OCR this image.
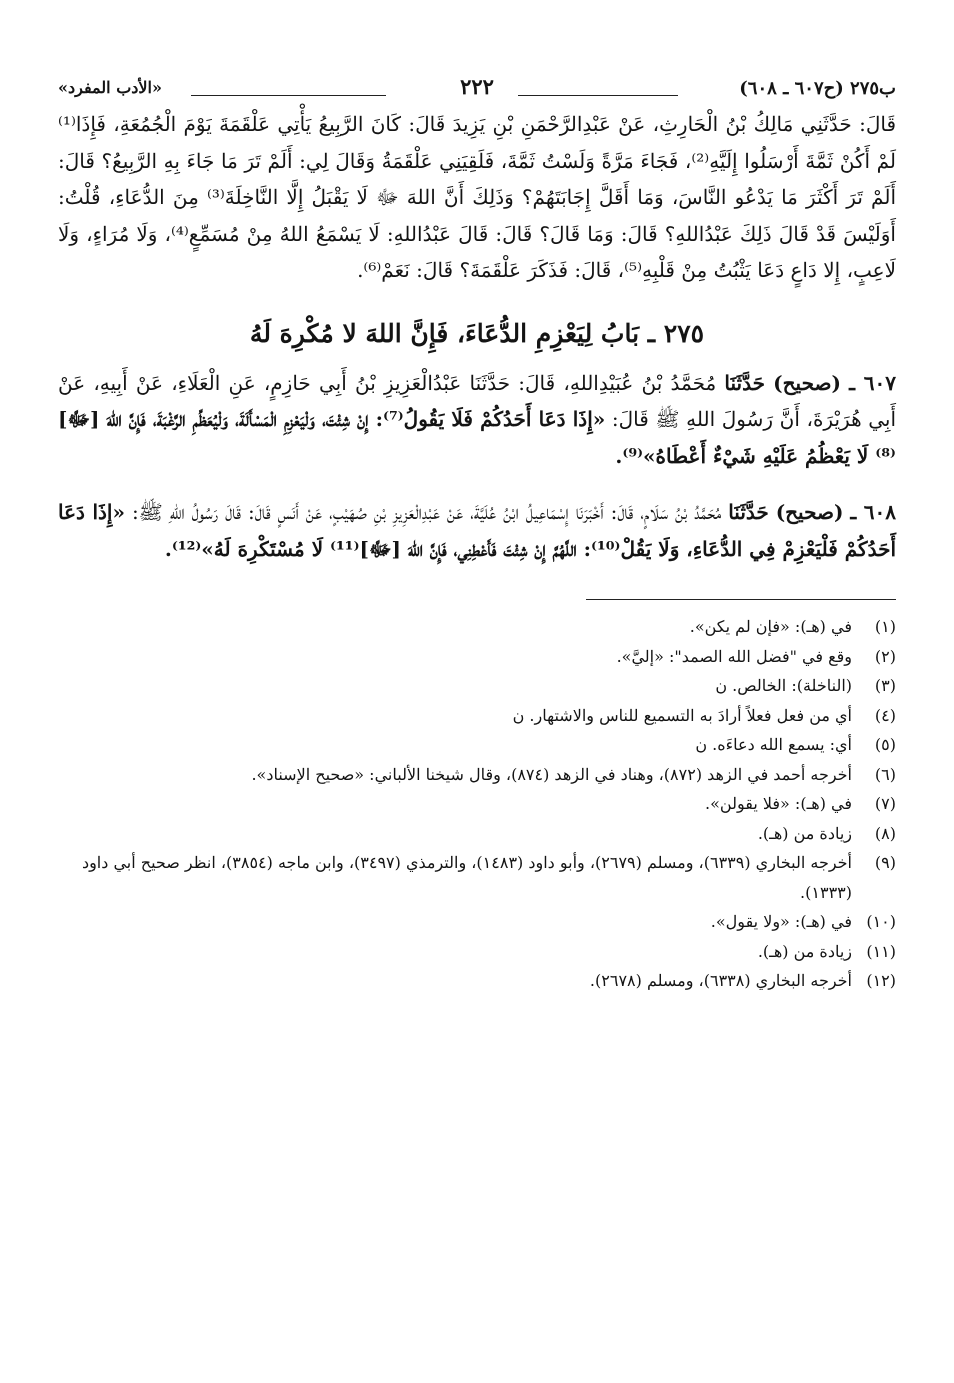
ب٢٧٥ (ح٦٠٧ ـ ٦٠٨)
٢٢٢
«الأدب المفرد»

قَالَ: حَدَّثَنِي مَالِكُ بْنُ الْحَارِثِ، عَنْ عَبْدِالرَّحْمَنِ بْنِ يَزِيدَ قَالَ: كَانَ الرَّبِيعُ يَأْتِي عَلْقَمَةَ يَوْمَ الْجُمُعَةِ، فَإِذَا⁽¹⁾ لَمْ أَكُنْ ثَمَّةَ أَرْسَلُوا إِلَيَّهِ⁽²⁾، فَجَاءَ مَرَّةً وَلَسْتُ ثَمَّةَ، فَلَقِيَنِي عَلْقَمَةُ وَقَالَ لِي: أَلَمْ تَرَ مَا جَاءَ بِهِ الرَّبِيعُ؟ قَالَ: أَلَمْ تَرَ أَكْثَرَ مَا يَدْعُو النَّاسَ، وَمَا أَقَلَّ إِجَابَتَهُمْ؟ وَذَلِكَ أَنَّ اللهَ ﷻ لَا يَقْبَلُ إِلَّا النَّاخِلَةَ⁽³⁾ مِنَ الدُّعَاءِ، قُلْتُ: أَوَلَيْسَ قَدْ قَالَ ذَلِكَ عَبْدُاللهِ؟ قَالَ: وَمَا قَالَ؟ قَالَ: قَالَ عَبْدُاللهِ: لَا يَسْمَعُ اللهُ مِنْ مُسَمِّعٍ⁽⁴⁾، وَلَا مُرَاءٍ، وَلَا لَاعِبٍ، إِلا دَاعٍ دَعَا يَثْبُتُ مِنْ قَلْبِهِ⁽⁵⁾، قَالَ: فَذَكَرَ عَلْقَمَةَ؟ قَالَ: نَعَمْ⁽⁶⁾.

٢٧٥ ـ بَابُ لِيَعْزِمِ الدُّعَاءَ، فَإِنَّ اللهَ لا مُكْرِهَ لَهُ

٦٠٧ ـ (صحيح) حَدَّثَنَا مُحَمَّدُ بْنُ عُبَيْدِاللهِ، قَالَ: حَدَّثَنَا عَبْدُالْعَزِيزِ بْنُ أَبِي حَازِمٍ، عَنِ الْعَلَاءِ، عَنْ أَبِيهِ، عَنْ أَبِي هُرَيْرَةَ، أَنَّ رَسُولَ اللهِ ﷺ قَالَ: «إِذَا دَعَا أَحَدُكُمْ فَلَا يَقُولُ⁽⁷⁾: إِنْ شِئْتَ، وَلْيَعْزِمِ الْمَسْأَلَةَ، وَلْيُعَظِّمِ الرَّغْبَةَ، فَإِنَّ اللهَ [ﷻ]⁽⁸⁾ لَا يَعْظُمُ عَلَيْهِ شَيْءٌ أَعْطَاهُ»⁽⁹⁾.

٦٠٨ ـ (صحيح) حَدَّثَنَا مُحَمَّدُ بْنُ سَلَامٍ، قَالَ: أَخْبَرَنَا إِسْمَاعِيلُ ابْنُ عُلَيَّةَ، عَنْ عَبْدِالْعَزِيزِ بْنِ صُهَيْبٍ، عَنْ أَنَسٍ قَالَ: قَالَ رَسُولُ اللهِ ﷺ: «إِذَا دَعَا أَحَدُكُمْ فَلْيَعْزِمْ فِي الدُّعَاءِ، وَلَا يَقُلْ⁽¹⁰⁾: اللَّهُمَّ إِنْ شِئْتَ فَأَعْطِنِي، فَإِنَّ اللهَ [ﷻ]⁽¹¹⁾ لَا مُسْتَكْرِهَ لَهُ»⁽¹²⁾.

(١)
في (هـ): «فإن لم يكن».
(٢)
وقع في "فضل الله الصمد": «إليَّ».
(٣)
(الناخلة): الخالص. ن
(٤)
أي من فعل فعلاً أرادَ به التسميع للناس والاشتهار. ن
(٥)
أي: يسمع الله دعاءَه. ن
(٦)
أخرجه أحمد في الزهد (٨٧٢)، وهناد في الزهد (٨٧٤)، وقال شيخنا الألباني: «صحيح الإسناد».
(٧)
في (هـ): «فلا يقولن».
(٨)
زيادة من (هـ).
(٩)
أخرجه البخاري (٦٣٣٩)، ومسلم (٢٦٧٩)، وأبو داود (١٤٨٣)، والترمذي (٣٤٩٧)، وابن ماجه (٣٨٥٤)، انظر صحيح أبي داود (١٣٣٣).
(١٠)
في (هـ): «ولا يقول».
(١١)
زيادة من (هـ).
(١٢)
أخرجه البخاري (٦٣٣٨)، ومسلم (٢٦٧٨).
